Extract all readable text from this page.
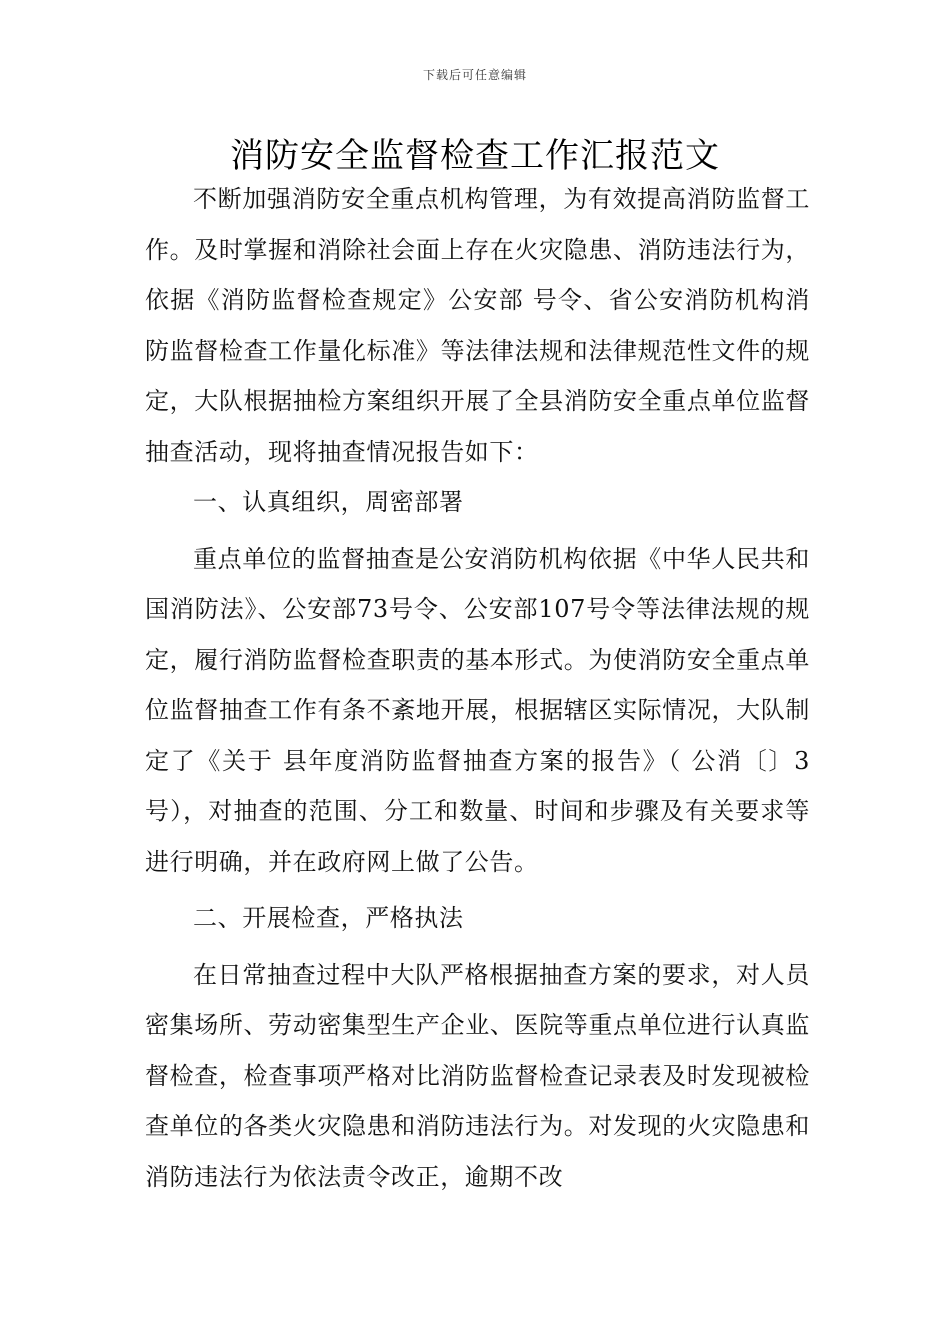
下载后可任意编辑
消防安全监督检查工作汇报范文

不断加强消防安全重点机构管理，为有效提高消防监督工作。及时掌握和消除社会面上存在火灾隐患、消防违法行为，依据《消防监督检查规定》公安部 号令、省公安消防机构消防监督检查工作量化标准》等法律法规和法律规范性文件的规定，大队根据抽检方案组织开展了全县消防安全重点单位监督抽查活动，现将抽查情况报告如下：

一、认真组织，周密部署

重点单位的监督抽查是公安消防机构依据《中华人民共和国消防法》、公安部73号令、公安部107号令等法律法规的规定，履行消防监督检查职责的基本形式。为使消防安全重点单位监督抽查工作有条不紊地开展，根据辖区实际情况，大队制定了《关于 县年度消防监督抽查方案的报告》（ 公消〔〕3号），对抽查的范围、分工和数量、时间和步骤及有关要求等进行明确，并在政府网上做了公告。

二、开展检查，严格执法

在日常抽查过程中大队严格根据抽查方案的要求，对人员密集场所、劳动密集型生产企业、医院等重点单位进行认真监督检查，检查事项严格对比消防监督检查记录表及时发现被检查单位的各类火灾隐患和消防违法行为。对发现的火灾隐患和消防违法行为依法责令改正，逾期不改
